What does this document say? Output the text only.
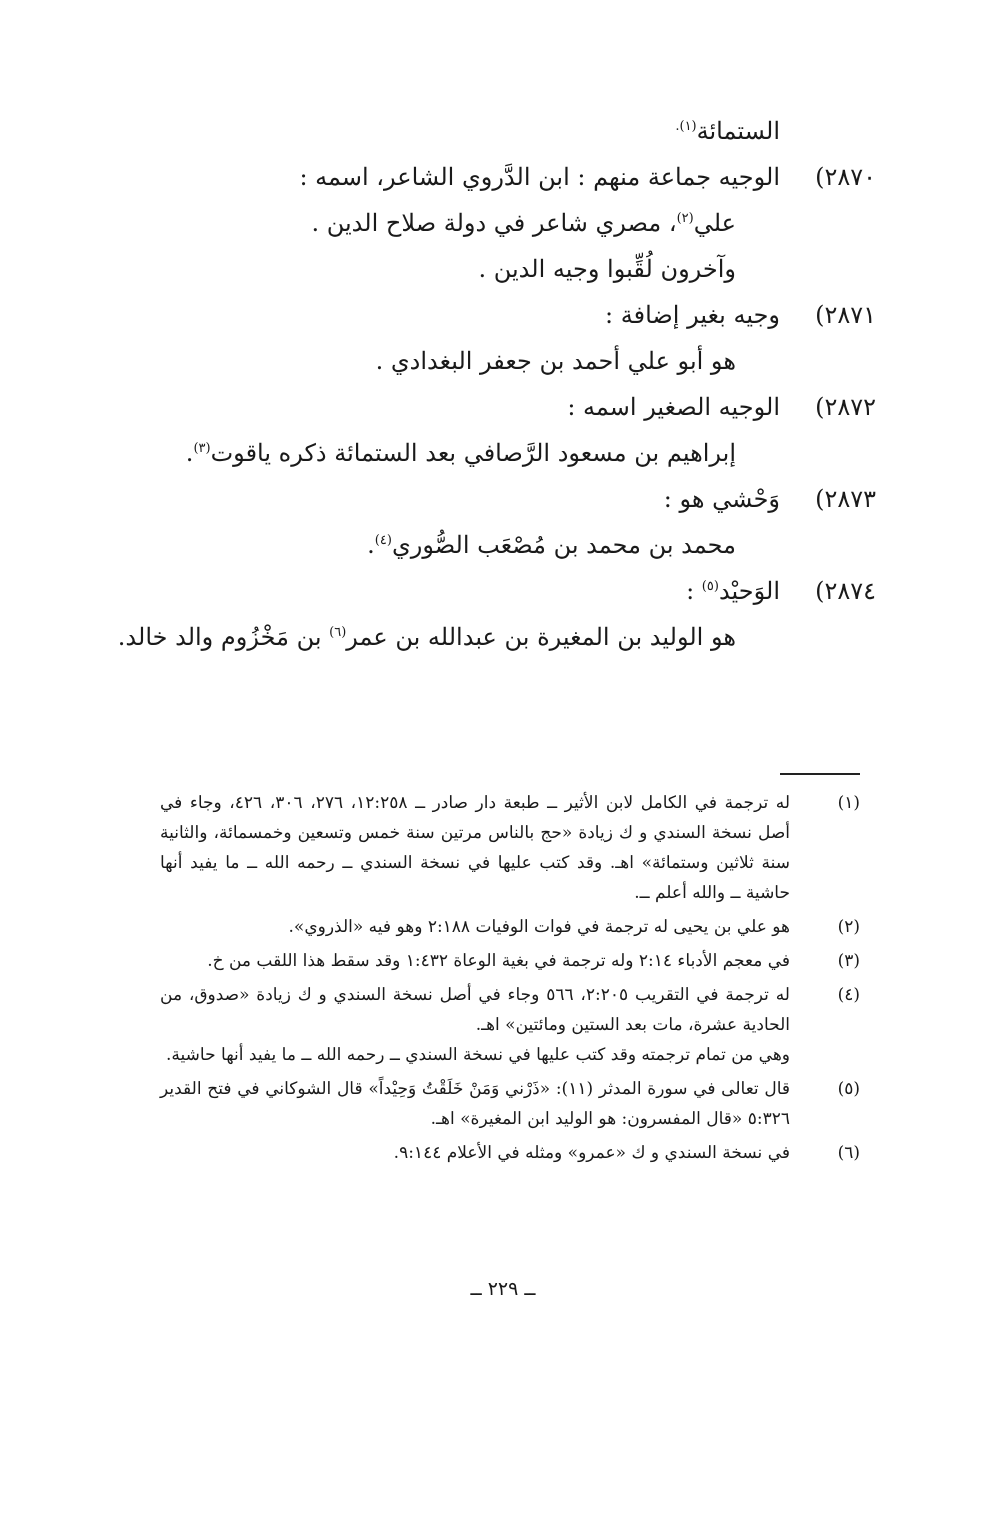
الستمائة$^{(١).}$
٢٨٧٠)
الوجيه جماعة منهم : ابن الدَّروي الشاعر، اسمه :
علي$^{(٢)}$، مصري شاعر في دولة صلاح الدين .
وآخرون لُقِّبوا وجيه الدين .
٢٨٧١)
وجيه بغير إضافة :
هو أبو علي أحمد بن جعفر البغدادي .
٢٨٧٢)
الوجيه الصغير اسمه :
إبراهيم بن مسعود الرَّصافي بعد الستمائة ذكره ياقوت$^{(٣)}$.
٢٨٧٣)
وَحْشي هو :
محمد بن محمد بن مُصْعَب الصُّوري$^{(٤)}$.
٢٨٧٤)
الوَحيْد$^{(٥)}$ :
هو الوليد بن المغيرة بن عبدالله بن عمر$^{(٦)}$ بن مَخْزُوم والد خالد.
(١)

له ترجمة في الكامل لابن الأثير ــ طبعة دار صادر ــ ١٢:٢٥٨، ٢٧٦، ٣٠٦، ٤٢٦، وجاء في أصل نسخة السندي و ك زيادة «حج بالناس مرتين سنة خمس وتسعين وخمسمائة، والثانية سنة ثلاثين وستمائة» اهـ. وقد كتب عليها في نسخة السندي ــ رحمه الله ــ ما يفيد أنها حاشية ــ والله أعلم ــ.

(٢)

هو علي بن يحيى له ترجمة في فوات الوفيات ٢:١٨٨ وهو فيه «الذروي».

(٣)

في معجم الأدباء ٢:١٤ وله ترجمة في بغية الوعاة ١:٤٣٢ وقد سقط هذا اللقب من خ.

(٤)

له ترجمة في التقريب ٢:٢٠٥، ٥٦٦ وجاء في أصل نسخة السندي و ك زيادة «صدوق، من الحادية عشرة، مات بعد الستين ومائتين» اهـ.

وهي من تمام ترجمته وقد كتب عليها في نسخة السندي ــ رحمه الله ــ ما يفيد أنها حاشية.

(٥)

قال تعالى في سورة المدثر (١١): «ذَرْني وَمَنْ خَلَقْتُ وَحِيْداً» قال الشوكاني في فتح القدير ٥:٣٢٦ «قال المفسرون: هو الوليد ابن المغيرة» اهـ.

(٦)

في نسخة السندي و ك «عمرو» ومثله في الأعلام ٩:١٤٤.

ــ ٢٢٩ ــ
